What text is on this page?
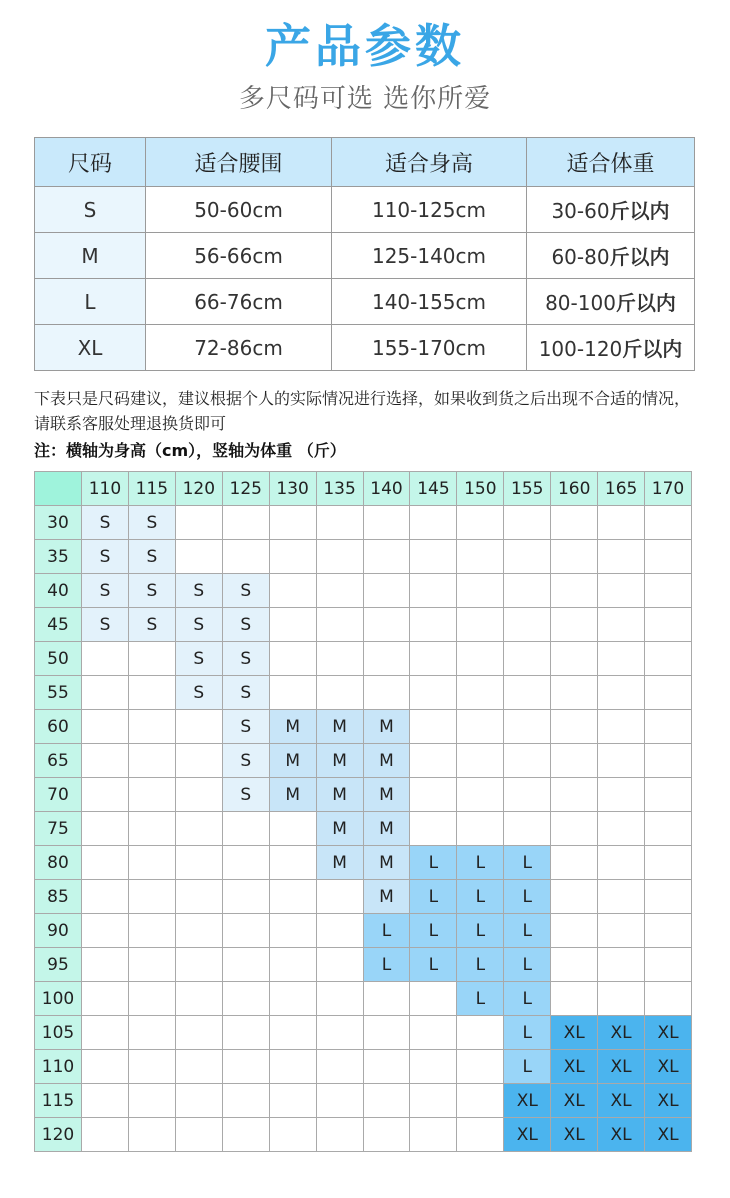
产品参数
多尺码可选 选你所爱
尺码	适合腰围	适合身高	适合体重
S	50-60cm	110-125cm	30-60斤以内
M	56-66cm	125-140cm	60-80斤以内
L	66-76cm	140-155cm	80-100斤以内
XL	72-86cm	155-170cm	100-120斤以内
下表只是尺码建议，建议根据个人的实际情况进行选择，如果收到货之后出现不合适的情况，请联系客服处理退换货即可
注：横轴为身高（cm），竖轴为体重 （斤）
	110	115	120	125	130	135	140	145	150	155	160	165	170
30	S	S											
35	S	S											
40	S	S	S	S									
45	S	S	S	S									
50			S	S									
55			S	S									
60				S	M	M	M						
65				S	M	M	M						
70				S	M	M	M						
75						M	M						
80						M	M	L	L	L			
85							M	L	L	L			
90							L	L	L	L			
95							L	L	L	L			
100									L	L			
105										L	XL	XL	XL
110										L	XL	XL	XL
115										XL	XL	XL	XL
120										XL	XL	XL	XL
